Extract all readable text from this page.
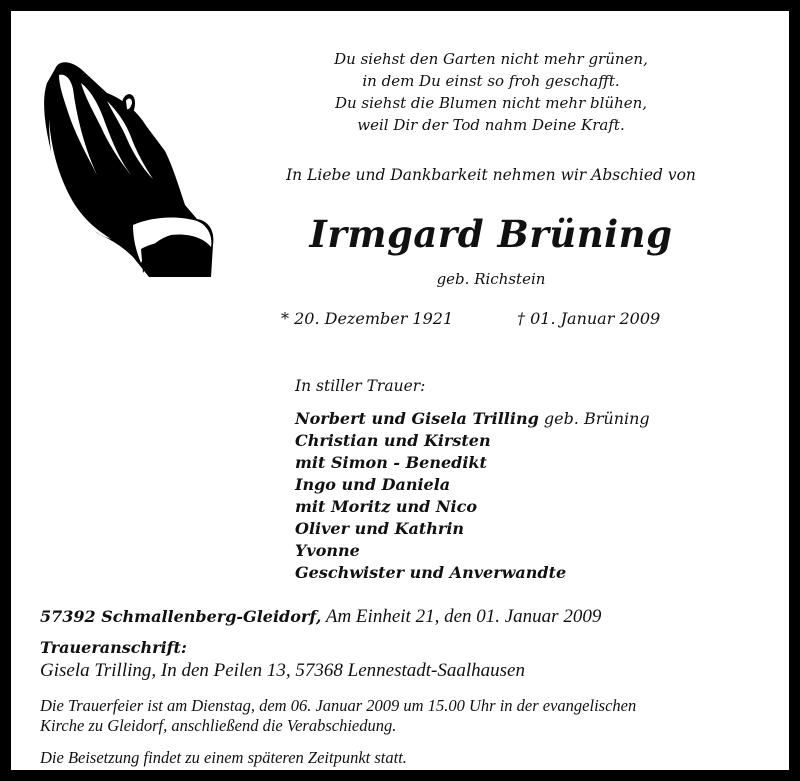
Du siehst den Garten nicht mehr grünen,
in dem Du einst so froh geschafft.
Du siehst die Blumen nicht mehr blühen,
weil Dir der Tod nahm Deine Kraft.
In Liebe und Dankbarkeit nehmen wir Abschied von
Irmgard Brüning
geb. Richstein
* 20. Dezember 1921	† 01. Januar 2009
In stiller Trauer:
Norbert und Gisela Trilling geb. Brüning
Christian und Kirsten
mit Simon - Benedikt
Ingo und Daniela
mit Moritz und Nico
Oliver und Kathrin
Yvonne
Geschwister und Anverwandte
57392 Schmallenberg-Gleidorf, Am Einheit 21, den 01. Januar 2009
Traueranschrift:
Gisela Trilling, In den Peilen 13, 57368 Lennestadt-Saalhausen
Die Trauerfeier ist am Dienstag, dem 06. Januar 2009 um 15.00 Uhr in der evangelischen
Kirche zu Gleidorf, anschließend die Verabschiedung.
Die Beisetzung findet zu einem späteren Zeitpunkt statt.
